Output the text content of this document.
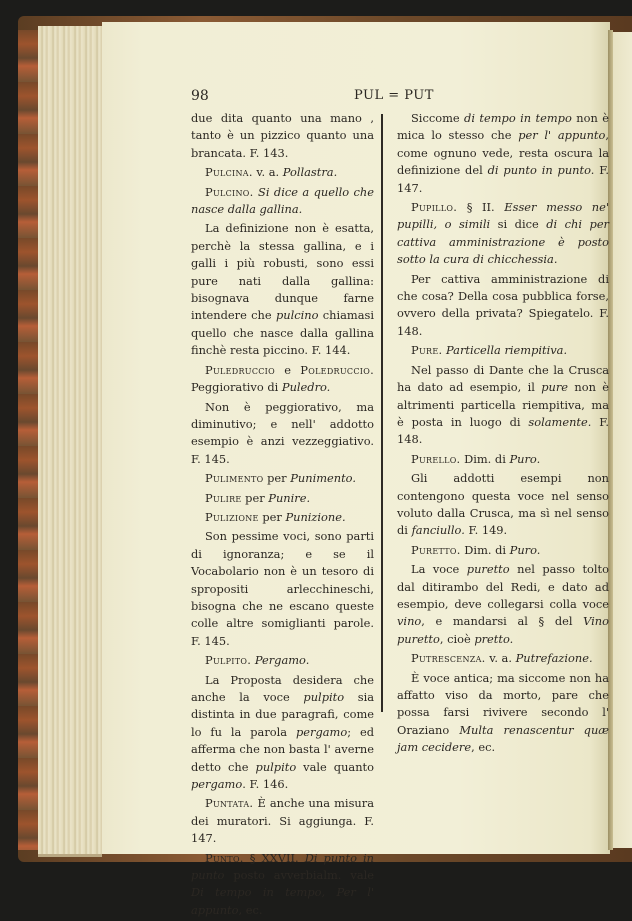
98	PUL = PUT

due dita quanto una mano , tanto è un pizzico quanto una brancata. F. 143.

Pulcina. v. a. Pollastra.

Pulcino. Si dice a quello che nasce dalla gallina.

La definizione non è esatta, perchè la stessa gallina, e i galli i più robusti, sono essi pure nati dalla gallina: bisognava dunque farne intendere che pulcino chiamasi quello che nasce dalla gallina finchè resta piccino. F. 144.

Puledruccio e Poledruccio. Peggiorativo di Puledro.

Non è peggiorativo, ma diminutivo; e nell' addotto esempio è anzi vezzeggiativo. F. 145.

Pulimento per Punimento.

Pulire per Punire.

Pulizione per Punizione.

Son pessime voci, sono parti di ignoranza; e se il Vocabolario non è un tesoro di spropositi arlecchineschi, bisogna che ne escano queste colle altre somiglianti parole. F. 145.

Pulpito. Pergamo.

La Proposta desidera che anche la voce pulpito sia distinta in due paragrafi, come lo fu la parola pergamo; ed afferma che non basta l' averne detto che pulpito vale quanto pergamo. F. 146.

Puntata. È anche una misura dei muratori. Si aggiunga. F. 147.

Punto. § XXVII. Di punto in punto posto avverbialm. vale Di tempo in tempo, Per l' appunto, ec.

Siccome di tempo in tempo non è mica lo stesso che per l' appunto, come ognuno vede, resta oscura la definizione del di punto in punto. F. 147.

Pupillo. § II. Esser messo ne' pupilli, o simili si dice di chi per cattiva amministrazione è posto sotto la cura di chicchessia.

Per cattiva amministrazione di che cosa? Della cosa pubblica forse, ovvero della privata? Spiegatelo. F. 148.

Pure. Particella riempitiva.

Nel passo di Dante che la Crusca ha dato ad esempio, il pure non è altrimenti particella riempitiva, ma è posta in luogo di solamente. F. 148.

Purello. Dim. di Puro.

Gli addotti esempi non contengono questa voce nel senso voluto dalla Crusca, ma sì nel senso di fanciullo. F. 149.

Puretto. Dim. di Puro.

La voce puretto nel passo tolto dal ditirambo del Redi, e dato ad esempio, deve collegarsi colla voce vino, e mandarsi al § del Vino puretto, cioè pretto.

Putrescenza. v. a. Putrefazione.

È voce antica; ma siccome non ha affatto viso da morto, pare che possa farsi rivivere secondo l' Oraziano Multa renascentur quæ jam cecidere, ec.
